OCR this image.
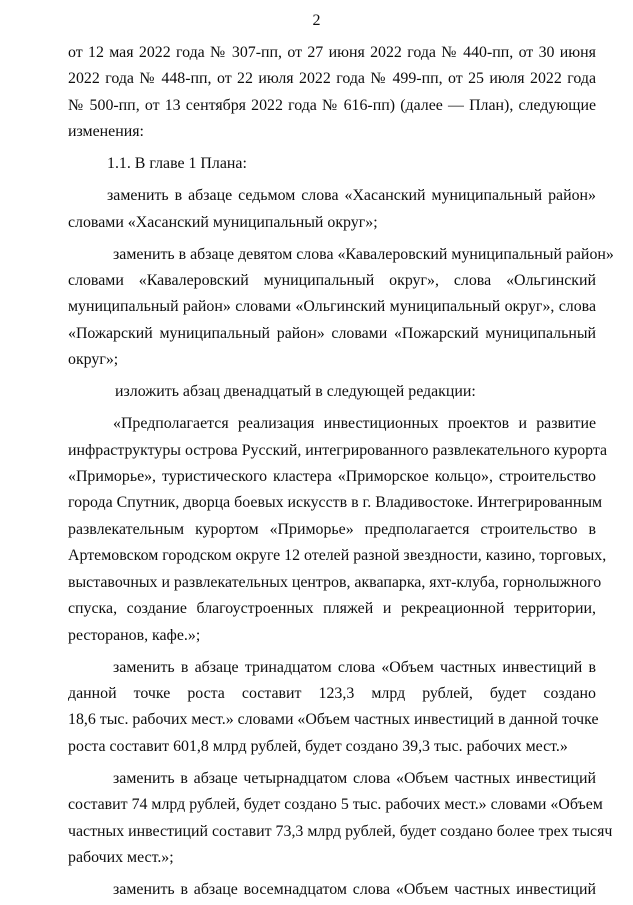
2
от 12 мая 2022 года № 307-пп, от 27 июня 2022 года № 440-пп, от 30 июня
2022 года № 448-пп, от 22 июля 2022 года № 499-пп, от 25 июля 2022 года
№ 500-пп, от 13 сентября 2022 года № 616-пп) (далее — План), следующие
изменения:
1.1. В главе 1 Плана:
заменить в абзаце седьмом слова «Хасанский муниципальный район»
словами «Хасанский муниципальный округ»;
заменить в абзаце девятом слова «Кавалеровский муниципальный район»
словами «Кавалеровский муниципальный округ», слова «Ольгинский
муниципальный район» словами «Ольгинский муниципальный округ», слова
«Пожарский муниципальный район» словами «Пожарский муниципальный
округ»;
изложить абзац двенадцатый в следующей редакции:
«Предполагается реализация инвестиционных проектов и развитие
инфраструктуры острова Русский, интегрированного развлекательного курорта
«Приморье», туристического кластера «Приморское кольцо», строительство
города Спутник, дворца боевых искусств в г. Владивостоке. Интегрированным
развлекательным курортом «Приморье» предполагается строительство в
Артемовском городском округе 12 отелей разной звездности, казино, торговых,
выставочных и развлекательных центров, аквапарка, яхт-клуба, горнолыжного
спуска, создание благоустроенных пляжей и рекреационной территории,
ресторанов, кафе.»;
заменить в абзаце тринадцатом слова «Объем частных инвестиций в
данной точке роста составит 123,3 млрд рублей, будет создано
18,6 тыс. рабочих мест.» словами «Объем частных инвестиций в данной точке
роста составит 601,8 млрд рублей, будет создано 39,3 тыс. рабочих мест.»
заменить в абзаце четырнадцатом слова «Объем частных инвестиций
составит 74 млрд рублей, будет создано 5 тыс. рабочих мест.» словами «Объем
частных инвестиций составит 73,3 млрд рублей, будет создано более трех тысяч
рабочих мест.»;
заменить в абзаце восемнадцатом слова «Объем частных инвестиций
